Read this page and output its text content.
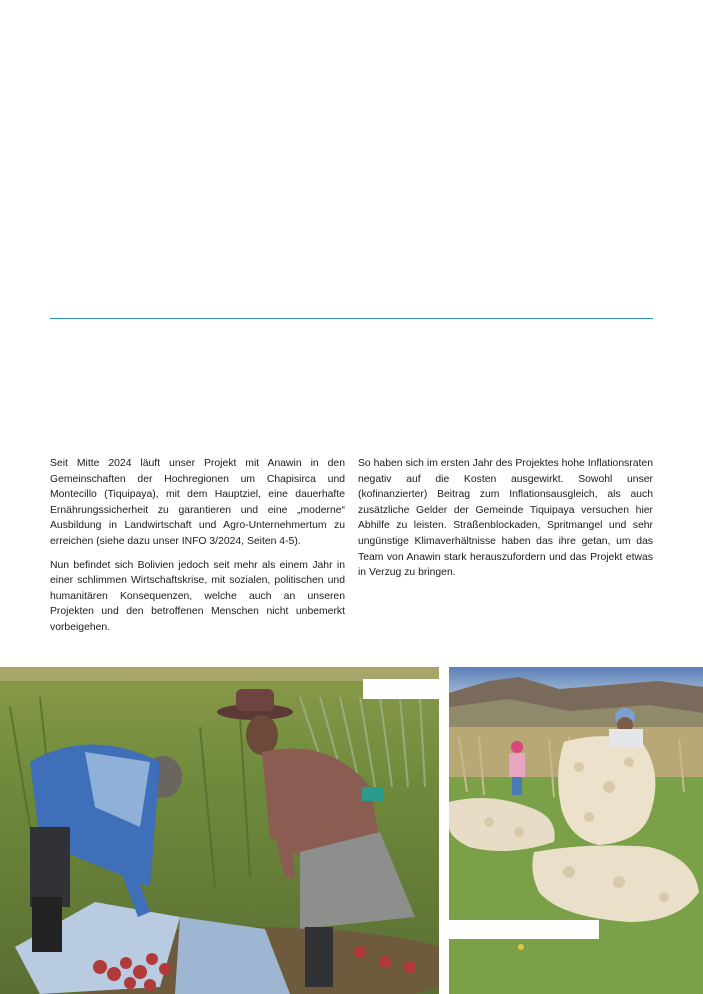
Seit Mitte 2024 läuft unser Projekt mit Anawin in den Gemeinschaften der Hochregionen um Chapisirca und Montecillo (Tiquipaya), mit dem Hauptziel, eine dauerhafte Ernährungssicherheit zu garantieren und eine „moderne“ Ausbildung in Landwirtschaft und Agro-Unternehmertum zu erreichen (siehe dazu unser INFO 3/2024, Seiten 4-5).

Nun befindet sich Bolivien jedoch seit mehr als einem Jahr in einer schlimmen Wirtschaftskrise, mit sozialen, politischen und humanitären Konsequenzen, welche auch an unseren Projekten und den betroffenen Menschen nicht unbemerkt vorbeigehen.

So haben sich im ersten Jahr des Projektes hohe Inflationsraten negativ auf die Kosten ausgewirkt. Sowohl unser (kofinanzierter) Beitrag zum Inflationsausgleich, als auch zusätzliche Gelder der Gemeinde Tiquipaya versuchen hier Abhilfe zu leisten. Straßenblockaden, Spritmangel und sehr ungünstige Klimaverhältnisse haben das ihre getan, um das Team von Anawin stark herauszufordern und das Projekt etwas in Verzug zu bringen.
